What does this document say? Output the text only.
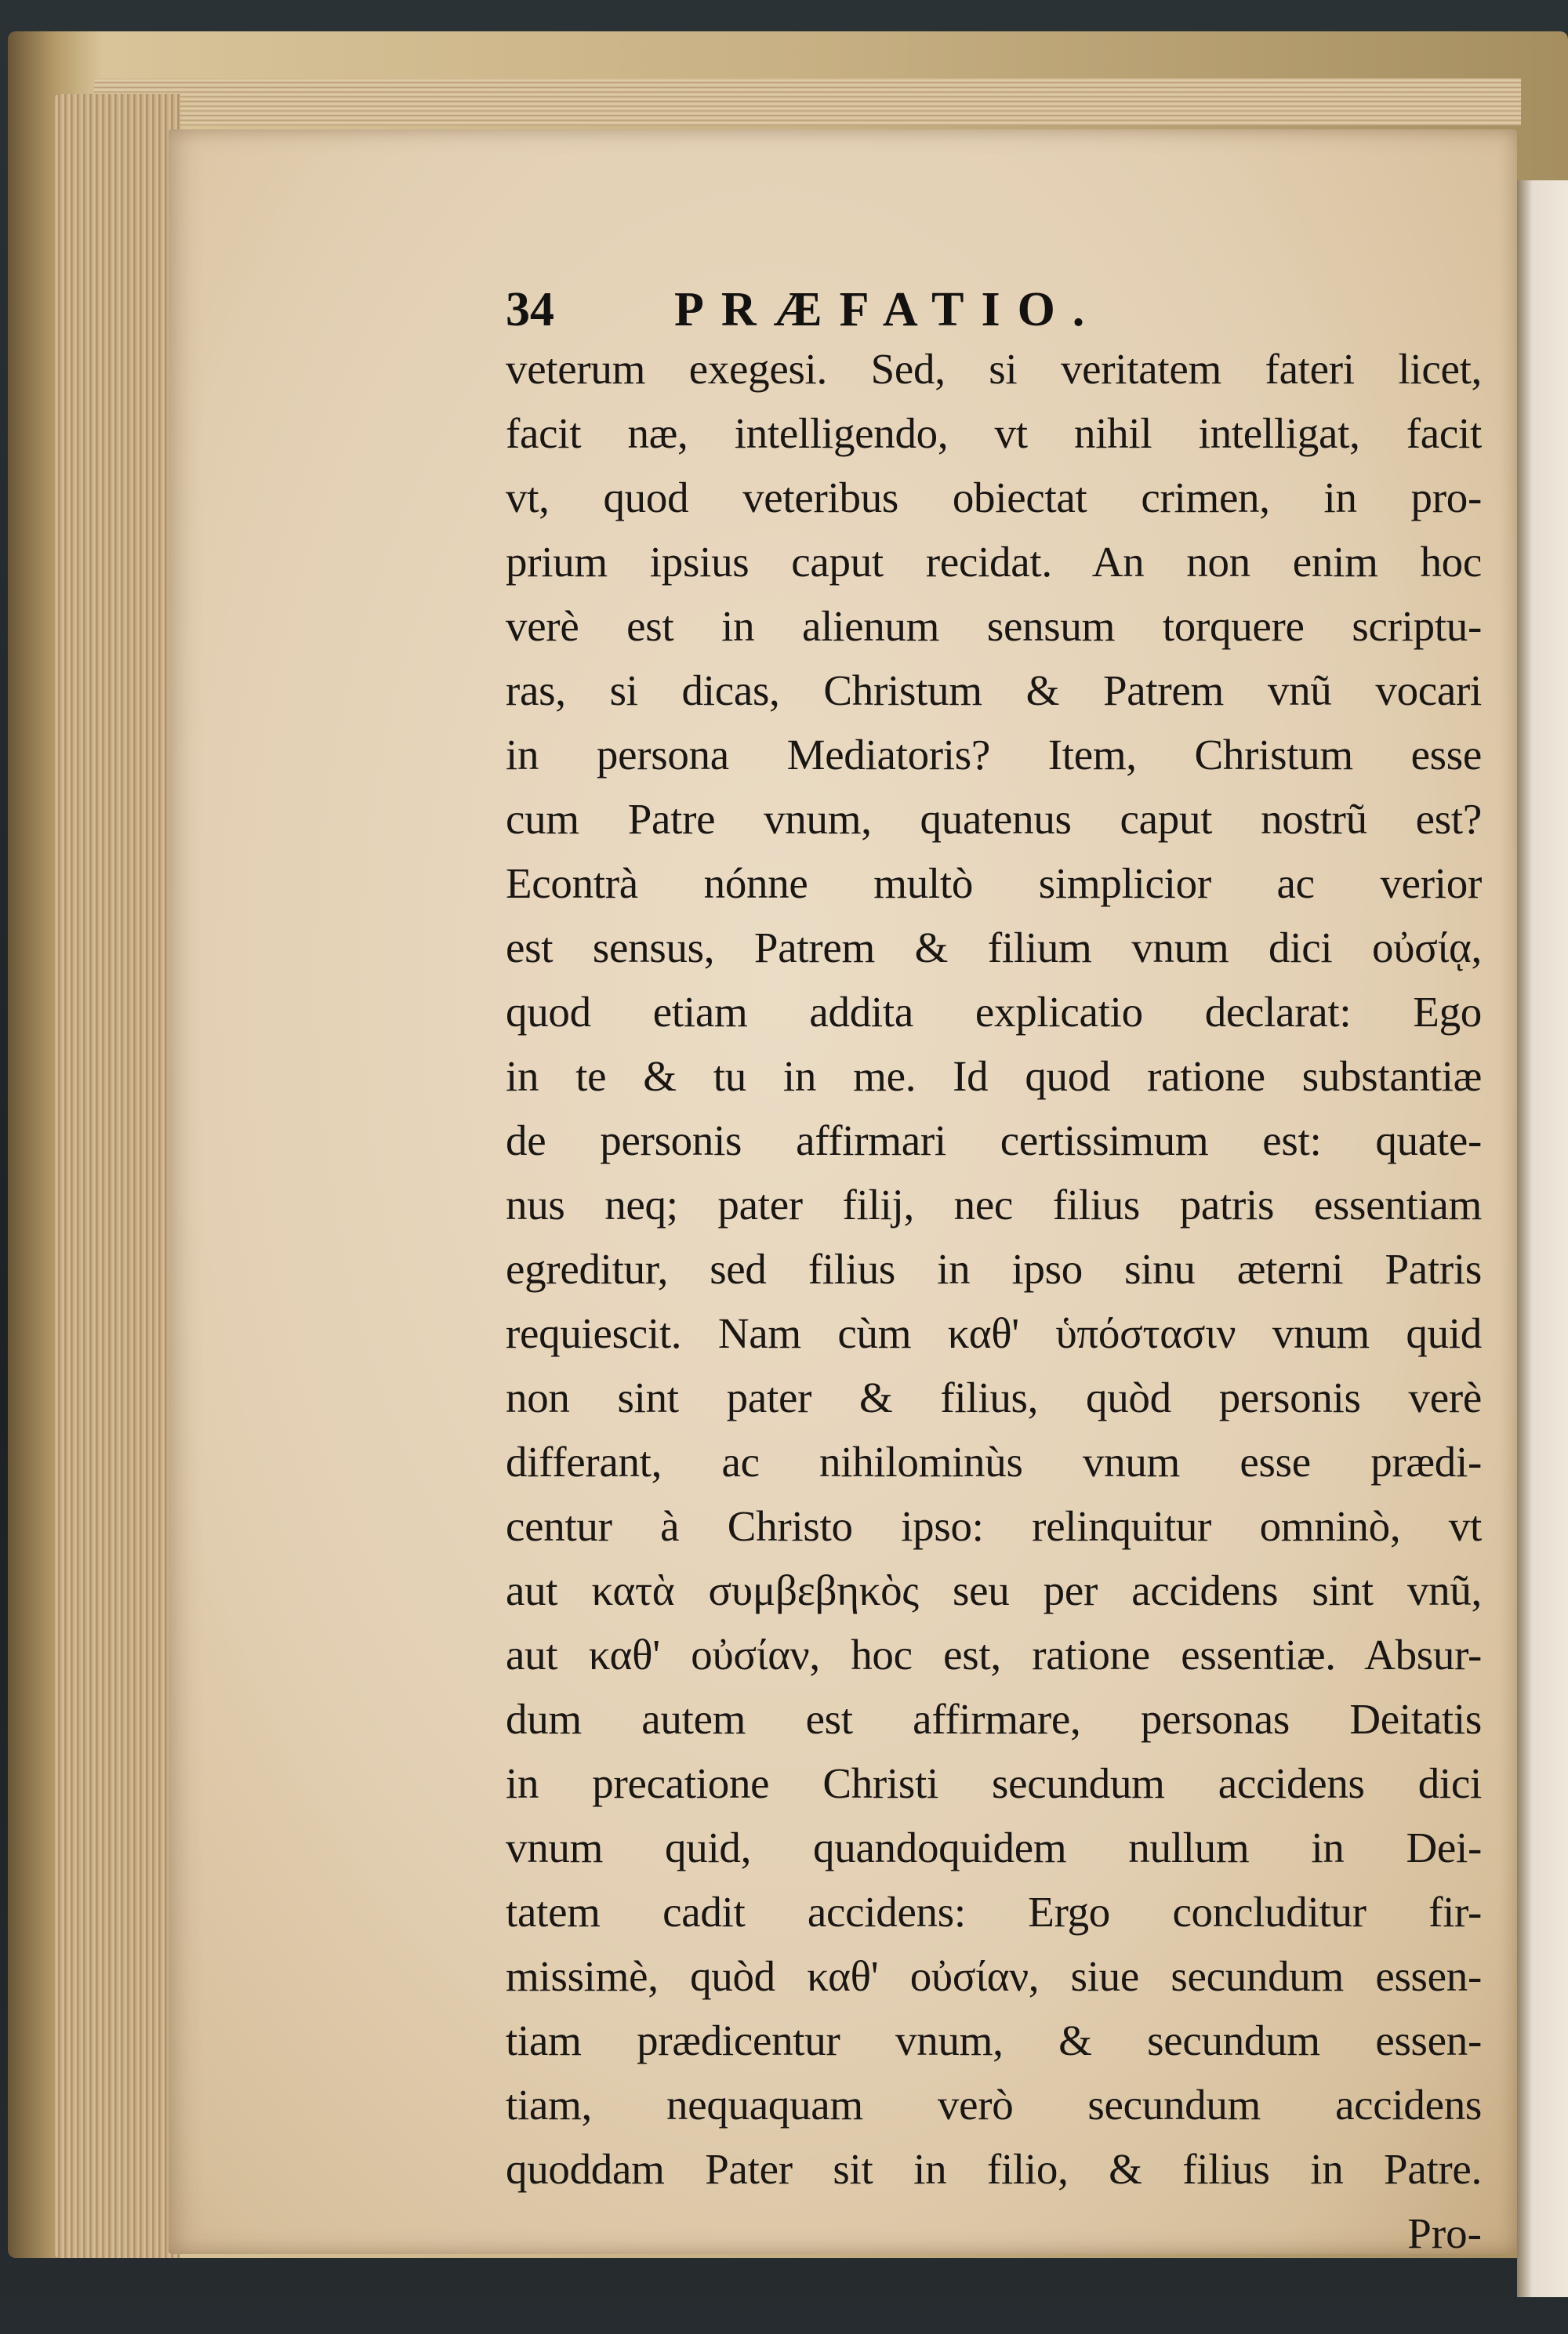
34 PRÆFATIO.
veterum exegesi. Sed, si veritatem fateri licet,
facit næ, intelligendo, vt nihil intelligat, facit
vt, quod veteribus obiectat crimen, in pro-
prium ipsius caput recidat. An non enim hoc
verè est in alienum sensum torquere scriptu-
ras, si dicas, Christum & Patrem vnũ vocari
in persona Mediatoris? Item, Christum esse
cum Patre vnum, quatenus caput nostrũ est?
Econtrà nónne multò simplicior ac verior
est sensus, Patrem & filium vnum dici οὐσίᾳ,
quod etiam addita explicatio declarat: Ego
in te & tu in me. Id quod ratione substantiæ
de personis affirmari certissimum est: quate-
nus neq; pater filij, nec filius patris essentiam
egreditur, sed filius in ipso sinu æterni Patris
requiescit. Nam cùm καθ' ὑπόστασιν vnum quid
non sint pater & filius, quòd personis verè
differant, ac nihilominùs vnum esse prædi-
centur à Christo ipso: relinquitur omninò, vt
aut κατὰ συμβεβηκὸς seu per accidens sint vnũ,
aut καθ' οὐσίαν, hoc est, ratione essentiæ. Absur-
dum autem est affirmare, personas Deitatis
in precatione Christi secundum accidens dici
vnum quid, quandoquidem nullum in Dei-
tatem cadit accidens: Ergo concluditur fir-
missimè, quòd καθ' οὐσίαν, siue secundum essen-
tiam prædicentur vnum, & secundum essen-
tiam, nequaquam verò secundum accidens
quoddam Pater sit in filio, & filius in Patre.
Pro-
